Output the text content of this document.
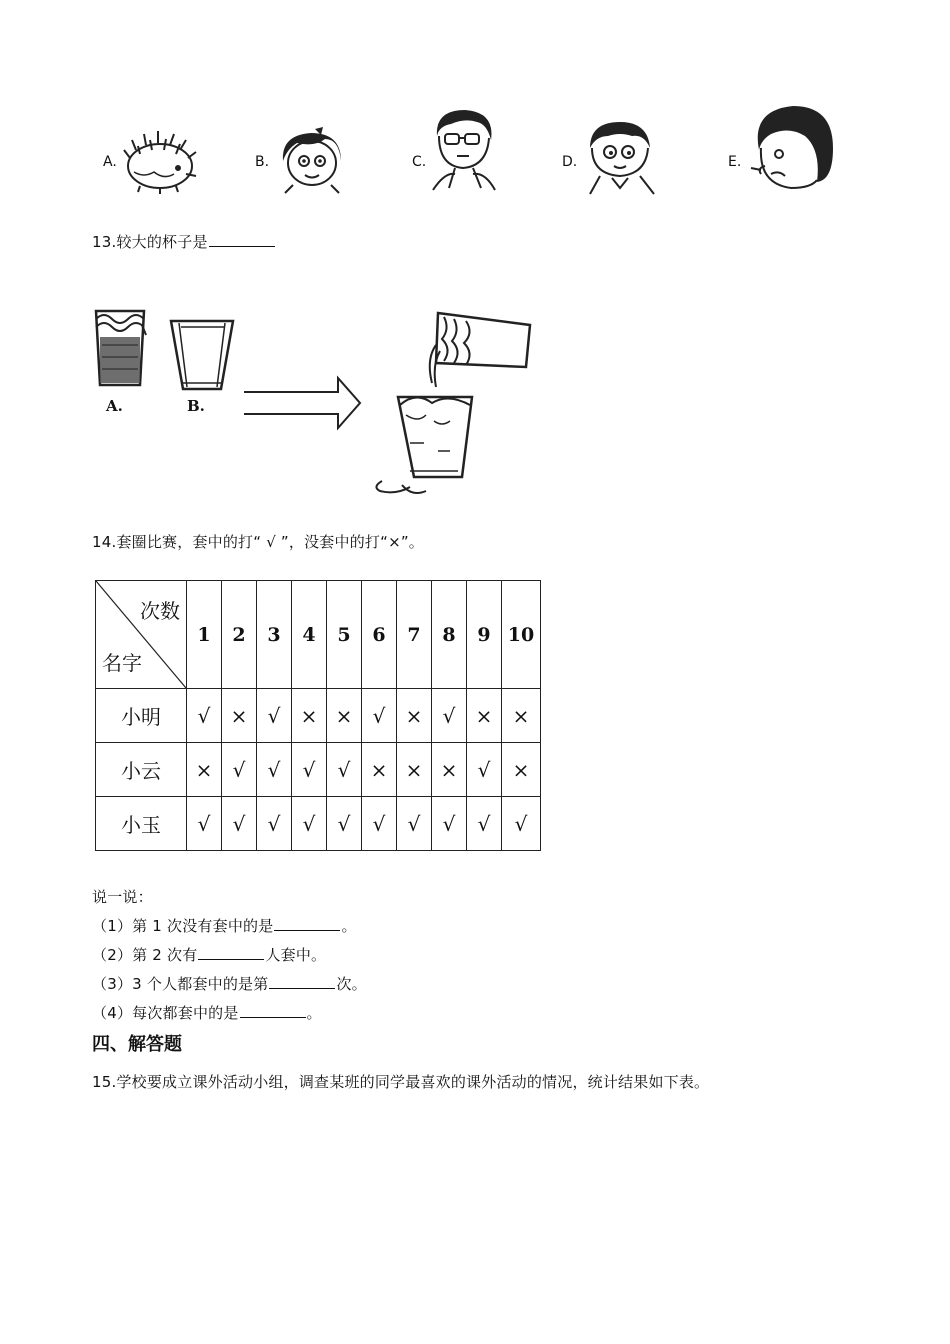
A.	B.	C.	D.	E.
13.较大的杯子是
A.	B.
14.套圈比赛，套中的打“ √ ”，没套中的打“×”。
次数
名字	1	2	3	4	5	6	7	8	9	10
小明	√	×	√	×	×	√	×	√	×	×
小云	×	√	√	√	√	×	×	×	√	×
小玉	√	√	√	√	√	√	√	√	√	√
说一说：
（1）第 1 次没有套中的是	。
（2）第 2 次有	人套中。
（3）3 个人都套中的是第	次。
（4）每次都套中的是	。
四、解答题
15.学校要成立课外活动小组，调查某班的同学最喜欢的课外活动的情况，统计结果如下表。
